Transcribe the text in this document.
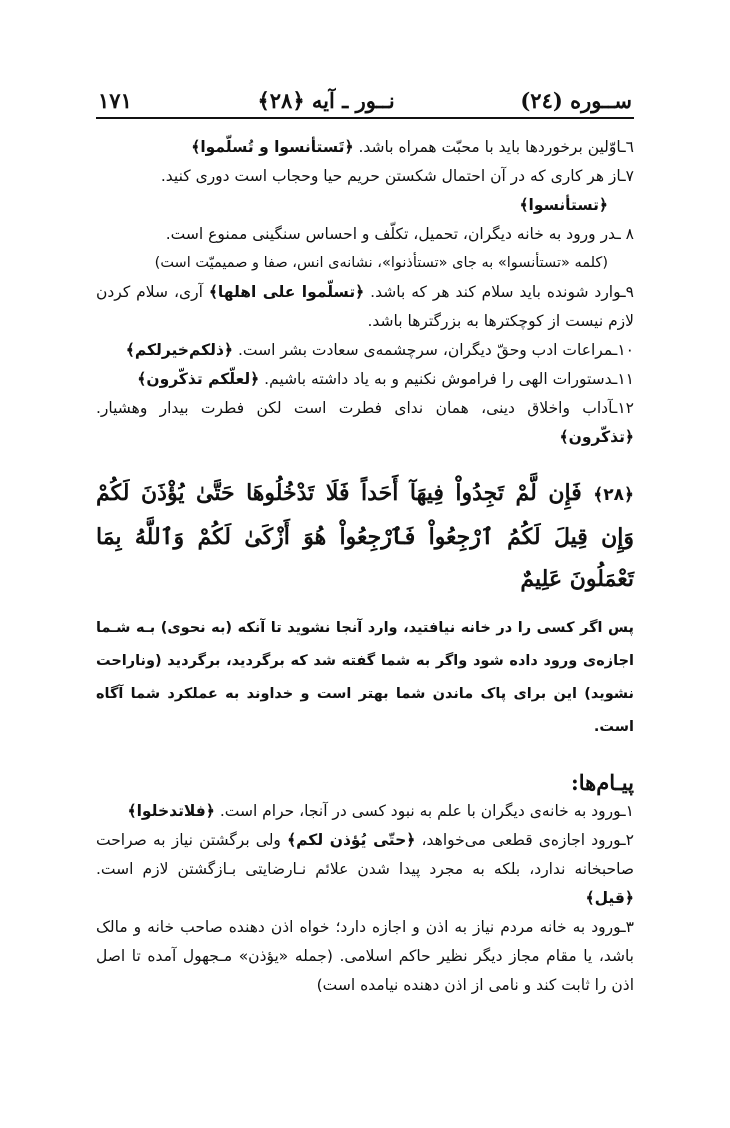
ســوره (٢٤)
نــور ـ آیه ﴿٢٨﴾
١٧١

٦ـاوّلين برخوردها بايد با محبّت همراه باشد. ﴿تَستأنسوا و تُسلّموا﴾

٧ـاز هر كارى كه در آن احتمال شكستن حريم حيا وحجاب است دورى كنيد.
﴿تستأنسوا﴾

٨ ـدر ورود به خانه ديگران، تحميل، تكلّف و احساس سنگينى ممنوع است.
(كلمه «تستأنسوا» به جاى «تستأذنوا»، نشانه‌ى انس، صفا و صميميّت است)

٩ـوارد شونده بايد سلام كند هر كه باشد. ﴿تسلّموا على اهلها﴾ آرى، سلام كردن لازم نيست از كوچكترها به بزرگترها باشد.

١٠ـمراعات ادب وحقّ ديگران، سرچشمه‌ى سعادت بشر است. ﴿ذلكم‌خيرلكم﴾

١١ـدستورات الهى را فراموش نكنيم و به ياد داشته باشيم. ﴿لعلّكم تذكّرون﴾

١٢ـآداب واخلاق دينى، همان نداى فطرت است لكن فطرت بيدار وهشيار. ﴿تذكّرون﴾

﴿٢٨﴾ فَإِن لَّمْ تَجِدُواْ فِيهَآ أَحَداً فَلَا تَدْخُلُوهَا حَتَّىٰ يُؤْذَنَ لَكُمْ وَإِن قِيلَ لَكُمُ ٱرْجِعُواْ فَٱرْجِعُواْ هُوَ أَزْكَىٰ لَكُمْ وَٱللَّهُ بِمَا تَعْمَلُونَ عَلِيمٌ
پس اگر كسى را در خانه نيافتيد، وارد آنجا نشويد تا آنكه (به نحوى) بـه شـما اجازه‌ى ورود داده شود واگر به شما گفته شد كه برگرديد، برگرديد (وناراحت نشويد) اين براى پاک ماندن شما بهتر است و خداوند به عملكرد شما آگاه است.
پيـام‌ها:

١ـورود به خانه‌ى ديگران با علم به نبود كسى در آنجا، حرام است. ﴿فلاتدخلوا﴾

٢ـورود اجازه‌ى قطعى مى‌خواهد، ﴿حتّى يُؤذن لكم﴾ ولى برگشتن نياز به صراحت صاحبخانه ندارد، بلكه به مجرد پيدا شدن علائم نـارضايتى بـازگشتن لازم است. ﴿قيل﴾

٣ـورود به خانه مردم نياز به اذن و اجازه دارد؛ خواه اذن دهنده صاحب خانه و مالک باشد، يا مقام مجاز ديگر نظير حاكم اسلامى. (جمله «يؤذن» مـجهول آمده تا اصل اذن را ثابت كند و نامى از اذن دهنده نيامده است)
